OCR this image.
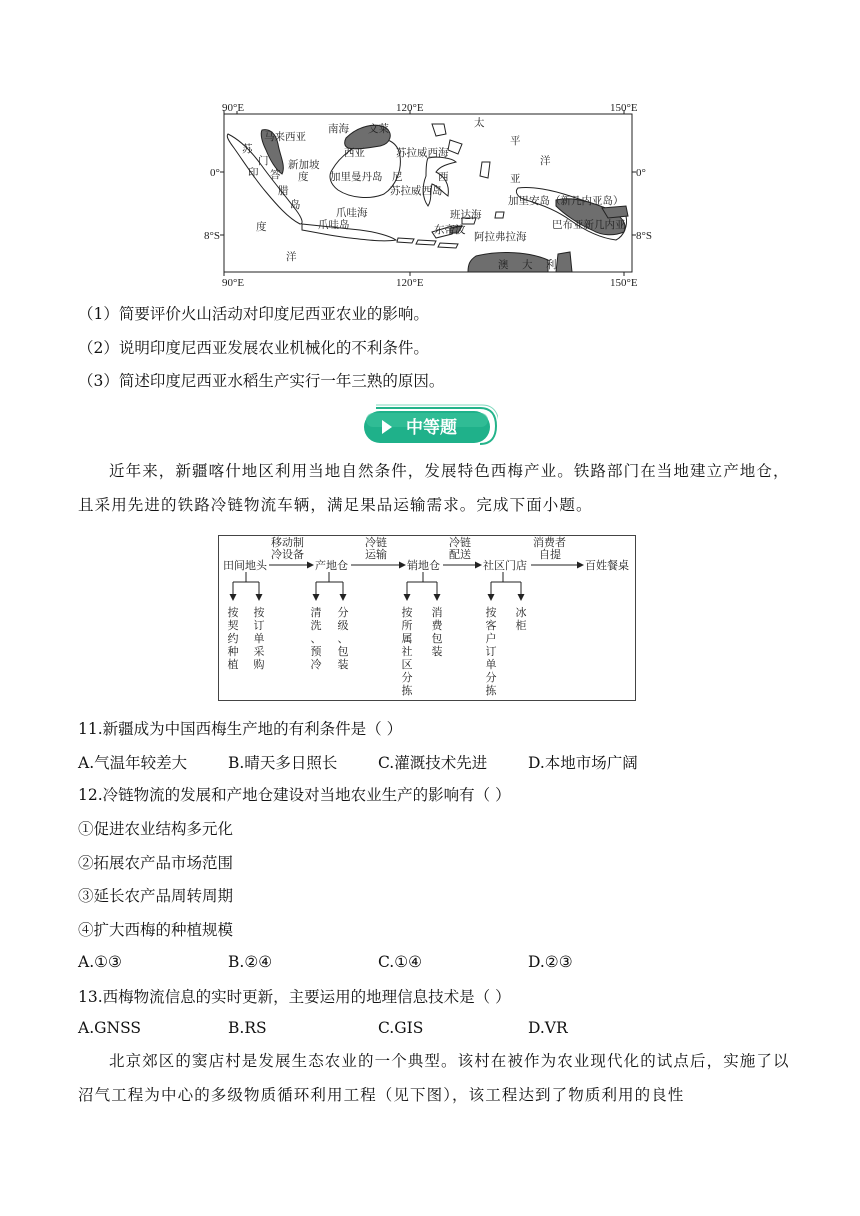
90°E	120°E	150°E
90°E	120°E	150°E
0°
8°S
0°
8°S
马来西亚
南海 文莱
西亚
太
平
洋
苏拉威西海
苏
门 新加坡
答
印
腊
度 加里曼丹岛 尼	西
苏拉威西岛
亚
加里安岛（新几内亚岛）
岛
爪哇海	班达海
爪哇岛	东帝汶
阿拉弗拉海
巴布亚新几内亚
度
洋
澳 大 利
（1）简要评价火山活动对印度尼西亚农业的影响。
（2）说明印度尼西亚发展农业机械化的不利条件。
（3）简述印度尼西亚水稻生产实行一年三熟的原因。
中等题
近年来，新疆喀什地区利用当地自然条件，发展特色西梅产业。铁路部门在当地建立产地仓，且采用先进的铁路冷链物流车辆，满足果品运输需求。完成下面小题。
田间地头	产地仓	销地仓	社区门店	百姓餐桌
移动制
冷设备
冷链
运输
冷链
配送
消费者
自提
按
契
约
种
植
按
订
单
采
购
清
洗
、
预
冷
分
级
、
包
装
按
所
属
社
区
分
拣
消
费
包
装
按
客
户
订
单
分
拣
冰
柜
11.新疆成为中国西梅生产地的有利条件是（ ）
A.气温年较差大	B.晴天多日照长	C.灌溉技术先进	D.本地市场广阔
12.冷链物流的发展和产地仓建设对当地农业生产的影响有（ ）
①促进农业结构多元化
②拓展农产品市场范围
③延长农产品周转周期
④扩大西梅的种植规模
A.①③	B.②④	C.①④	D.②③
13.西梅物流信息的实时更新，主要运用的地理信息技术是（ ）
A.GNSS	B.RS	C.GIS	D.VR
北京郊区的窦店村是发展生态农业的一个典型。该村在被作为农业现代化的试点后，实施了以沼气工程为中心的多级物质循环利用工程（见下图），该工程达到了物质利用的良性
